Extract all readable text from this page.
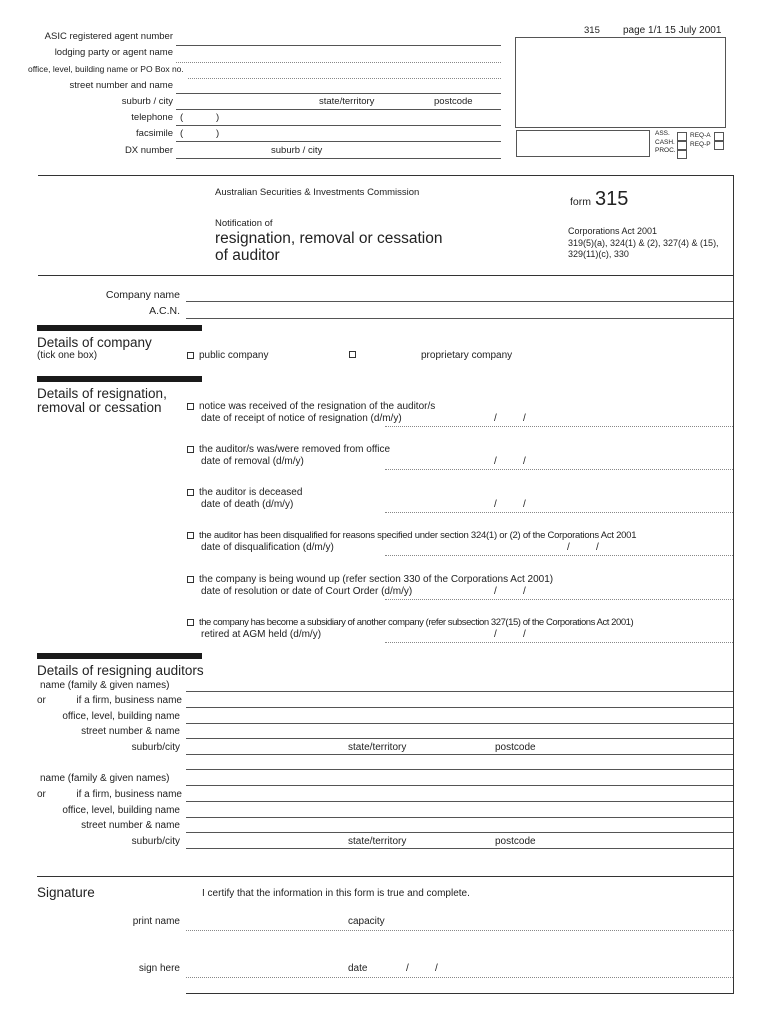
315 page 1/1 15 July 2001
ASIC registered agent number
lodging party or agent name
office, level, building name or PO Box no.
street number and name
suburb / city	state/territory	postcode
telephone (	)
facsimile (	)
DX number	suburb / city
ASS.
CASH.
PROC.
REQ-A
REQ-P
Australian Securities & Investments Commission
Notification of
resignation, removal or cessation
of auditor
form 315
Corporations Act 2001
319(5)(a), 324(1) & (2), 327(4) & (15),
329(11)(c), 330
Company name
A.C.N.
Details of company
(tick one box)	public company	proprietary company
Details of resignation,
removal or cessation	notice was received of the resignation of the auditor/s
date of receipt of notice of resignation (d/m/y)	/	/
the auditor/s was/were removed from office
date of removal (d/m/y)	/	/
the auditor is deceased
date of death (d/m/y)	/	/
the auditor has been disqualified for reasons specified under section 324(1) or (2) of the Corporations Act 2001
date of disqualification (d/m/y)	/	/
the company is being wound up (refer section 330 of the Corporations Act 2001)
date of resolution or date of Court Order (d/m/y)	/	/
the company has become a subsidiary of another company (refer subsection 327(15) of the Corporations Act 2001)
retired at AGM held (d/m/y)	/	/
Details of resigning auditors
name (family & given names)
or	if a firm, business name
office, level, building name
street number & name
suburb/city	state/territory	postcode
name (family & given names)
or	if a firm, business name
office, level, building name
street number & name
suburb/city	state/territory	postcode
Signature	I certify that the information in this form is true and complete.
print name	capacity
sign here	date	/	/
